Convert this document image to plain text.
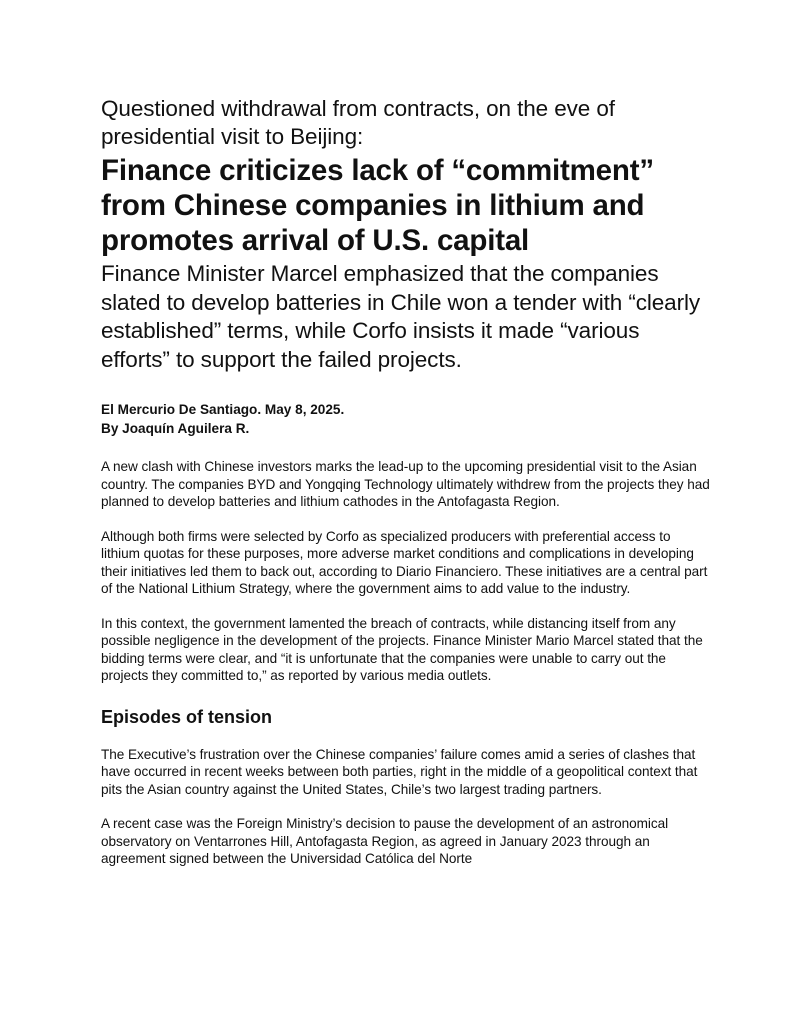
Questioned withdrawal from contracts, on the eve of presidential visit to Beijing:
Finance criticizes lack of “commitment” from Chinese companies in lithium and promotes arrival of U.S. capital

Finance Minister Marcel emphasized that the companies slated to develop batteries in Chile won a tender with “clearly established” terms, while Corfo insists it made “various efforts” to support the failed projects.

El Mercurio De Santiago. May 8, 2025.
By Joaquín Aguilera R.

A new clash with Chinese investors marks the lead-up to the upcoming presidential visit to the Asian country. The companies BYD and Yongqing Technology ultimately withdrew from the projects they had planned to develop batteries and lithium cathodes in the Antofagasta Region.

Although both firms were selected by Corfo as specialized producers with preferential access to lithium quotas for these purposes, more adverse market conditions and complications in developing their initiatives led them to back out, according to Diario Financiero. These initiatives are a central part of the National Lithium Strategy, where the government aims to add value to the industry.

In this context, the government lamented the breach of contracts, while distancing itself from any possible negligence in the development of the projects. Finance Minister Mario Marcel stated that the bidding terms were clear, and “it is unfortunate that the companies were unable to carry out the projects they committed to,” as reported by various media outlets.

Episodes of tension

The Executive’s frustration over the Chinese companies’ failure comes amid a series of clashes that have occurred in recent weeks between both parties, right in the middle of a geopolitical context that pits the Asian country against the United States, Chile’s two largest trading partners.

A recent case was the Foreign Ministry’s decision to pause the development of an astronomical observatory on Ventarrones Hill, Antofagasta Region, as agreed in January 2023 through an agreement signed between the Universidad Católica del Norte
